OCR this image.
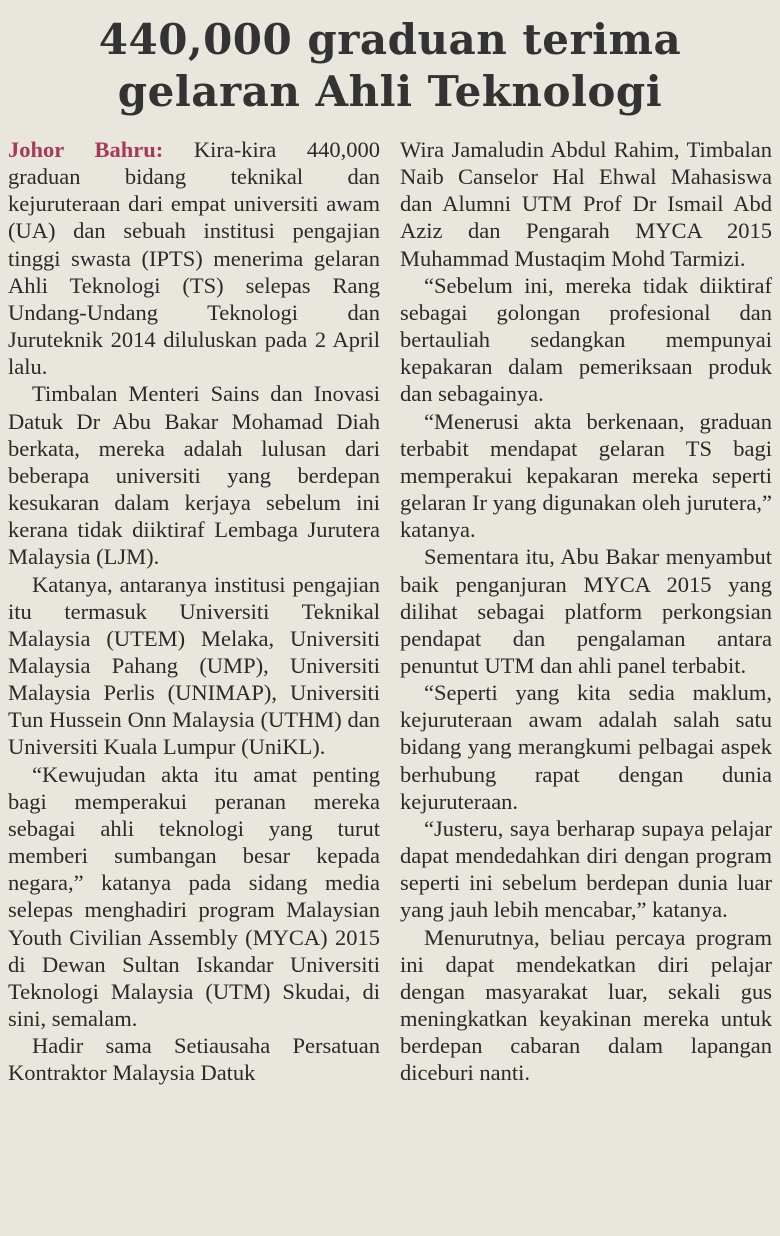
440,000 graduan terima
gelaran Ahli Teknologi

Johor Bahru: Kira-kira 440,000 graduan bidang teknikal dan kejuruteraan dari empat universiti awam (UA) dan sebuah institusi pengajian tinggi swasta (IPTS) menerima gelaran Ahli Teknologi (TS) selepas Rang Undang-Undang Teknologi dan Juruteknik 2014 diluluskan pada 2 April lalu.

Timbalan Menteri Sains dan Inovasi Datuk Dr Abu Bakar Mohamad Diah berkata, mereka adalah lulusan dari beberapa universiti yang berdepan kesukaran dalam kerjaya sebelum ini kerana tidak diiktiraf Lembaga Jurutera Malaysia (LJM).

Katanya, antaranya institusi pengajian itu termasuk Universiti Teknikal Malaysia (UTEM) Melaka, Universiti Malaysia Pahang (UMP), Universiti Malaysia Perlis (UNIMAP), Universiti Tun Hussein Onn Malaysia (UTHM) dan Universiti Kuala Lumpur (UniKL).

“Kewujudan akta itu amat penting bagi memperakui peranan mereka sebagai ahli teknologi yang turut memberi sumbangan besar kepada negara,” katanya pada sidang media selepas menghadiri program Malaysian Youth Civilian Assembly (MYCA) 2015 di Dewan Sultan Iskandar Universiti Teknologi Malaysia (UTM) Skudai, di sini, semalam.

Hadir sama Setiausaha Persatuan Kontraktor Malaysia Datuk

Wira Jamaludin Abdul Rahim, Timbalan Naib Canselor Hal Ehwal Mahasiswa dan Alumni UTM Prof Dr Ismail Abd Aziz dan Pengarah MYCA 2015 Muhammad Mustaqim Mohd Tarmizi.

“Sebelum ini, mereka tidak diiktiraf sebagai golongan profesional dan bertauliah sedangkan mempunyai kepakaran dalam pemeriksaan produk dan sebagainya.

“Menerusi akta berkenaan, graduan terbabit mendapat gelaran TS bagi memperakui kepakaran mereka seperti gelaran Ir yang digunakan oleh jurutera,” katanya.

Sementara itu, Abu Bakar menyambut baik penganjuran MYCA 2015 yang dilihat sebagai platform perkongsian pendapat dan pengalaman antara penuntut UTM dan ahli panel terbabit.

“Seperti yang kita sedia maklum, kejuruteraan awam adalah salah satu bidang yang merangkumi pelbagai aspek berhubung rapat dengan dunia kejuruteraan.

“Justeru, saya berharap supaya pelajar dapat mendedahkan diri dengan program seperti ini sebelum berdepan dunia luar yang jauh lebih mencabar,” katanya.

Menurutnya, beliau percaya program ini dapat mendekatkan diri pelajar dengan masyarakat luar, sekali gus meningkatkan keyakinan mereka untuk berdepan cabaran dalam lapangan diceburi nanti.
